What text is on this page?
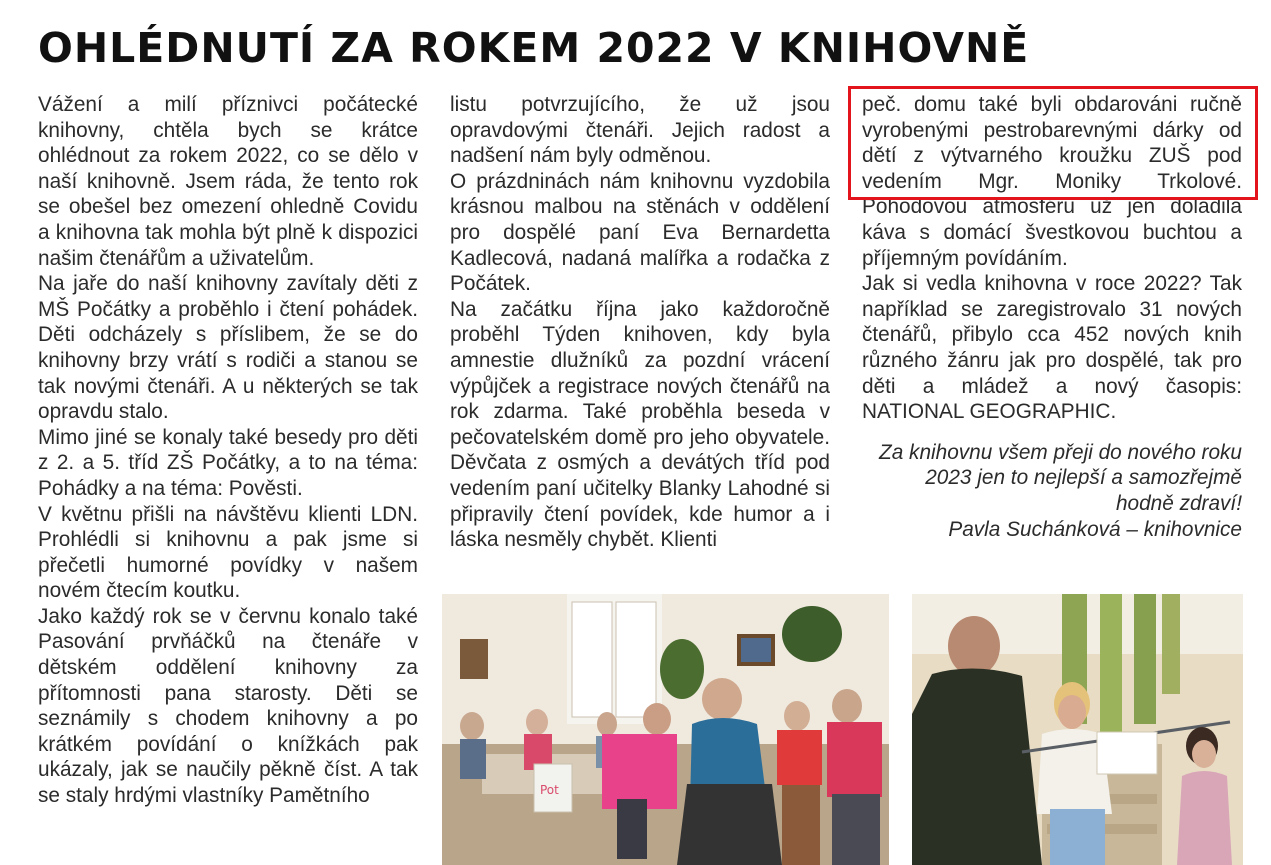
OHLÉDNUTÍ ZA ROKEM 2022 V KNIHOVNĚ

Vážení a milí příznivci počátecké knihovny, chtěla bych se krátce ohlédnout za rokem 2022, co se dělo v naší knihovně. Jsem ráda, že tento rok se obešel bez omezení ohledně Covidu a knihovna tak mohla být plně k dispozici našim čtenářům a uživatelům.

Na jaře do naší knihovny zavítaly děti z MŠ Počátky a proběhlo i čtení pohádek. Děti odcházely s příslibem, že se do knihovny brzy vrátí s rodiči a stanou se tak novými čtenáři. A u některých se tak opravdu stalo.

Mimo jiné se konaly také besedy pro děti z 2. a 5. tříd ZŠ Počátky, a to na téma: Pohádky a na téma: Pověsti.

V květnu přišli na návštěvu klienti LDN. Prohlédli si knihovnu a pak jsme si přečetli humorné povídky v našem novém čtecím koutku.

Jako každý rok se v červnu konalo také Pasování prvňáčků na čtenáře v dětském oddělení knihovny za přítomnosti pana starosty. Děti se seznámily s chodem knihovny a po krátkém povídání o knížkách pak ukázaly, jak se naučily pěkně číst. A tak se staly hrdými vlastníky Pamětního

listu potvrzujícího, že už jsou opravdovými čtenáři. Jejich radost a nadšení nám byly odměnou.

O prázdninách nám knihovnu vyzdobila krásnou malbou na stěnách v oddělení pro dospělé paní Eva Bernardetta Kadlecová, nadaná malířka a rodačka z Počátek.

Na začátku října jako každoročně proběhl Týden knihoven, kdy byla amnestie dlužníků za pozdní vrácení výpůjček a registrace nových čtenářů na rok zdarma. Také proběhla beseda v pečovatelském domě pro jeho obyvatele. Děvčata z osmých a devátých tříd pod vedením paní učitelky Blanky Lahodné si připravily čtení povídek, kde humor a i láska nesměly chybět. Klienti

peč. domu také byli obdarováni ručně vyrobenými pestrobarevnými dárky od dětí z výtvarného kroužku ZUŠ pod vedením Mgr. Moniky Trkolové. Pohodovou atmosféru už jen doladila káva s domácí švestkovou buchtou a příjemným povídáním.

Jak si vedla knihovna v roce 2022? Tak například se zaregistrovalo 31 nových čtenářů, přibylo cca 452 nových knih různého žánru jak pro dospělé, tak pro děti a mládež a nový časopis: NATIONAL GEOGRAPHIC.

Za knihovnu všem přeji do nového roku 2023 jen to nejlepší a samozřejmě hodně zdraví!

Pavla Suchánková – knihovnice

Pot
